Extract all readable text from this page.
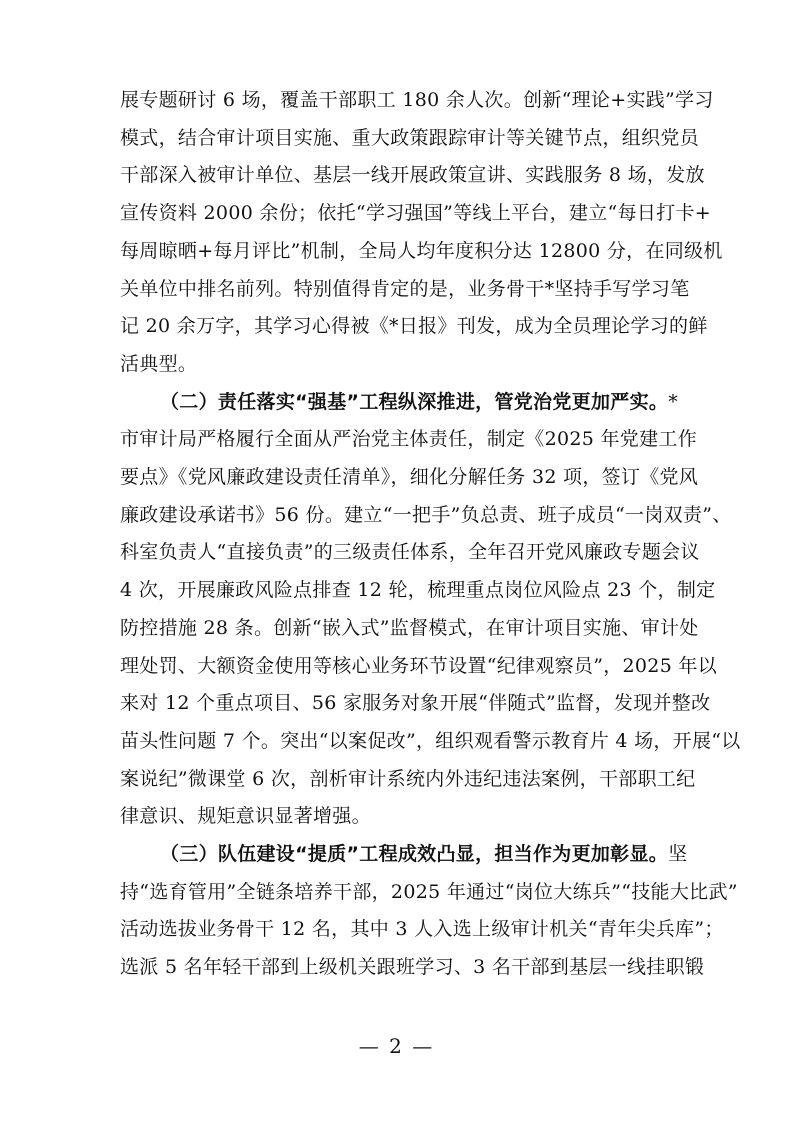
展专题研讨 6 场，覆盖干部职工 180 余人次。创新“理论+实践”学习
模式，结合审计项目实施、重大政策跟踪审计等关键节点，组织党员
干部深入被审计单位、基层一线开展政策宣讲、实践服务 8 场，发放
宣传资料 2000 余份；依托“学习强国”等线上平台，建立“每日打卡+
每周晾晒+每月评比”机制，全局人均年度积分达 12800 分，在同级机
关单位中排名前列。特别值得肯定的是，业务骨干*坚持手写学习笔
记 20 余万字，其学习心得被《*日报》刊发，成为全员理论学习的鲜
活典型。

（二）责任落实“强基”工程纵深推进，管党治党更加严实。*
市审计局严格履行全面从严治党主体责任，制定《2025 年党建工作
要点》《党风廉政建设责任清单》，细化分解任务 32 项，签订《党风
廉政建设承诺书》56 份。建立“一把手”负总责、班子成员“一岗双责”、
科室负责人“直接负责”的三级责任体系，全年召开党风廉政专题会议
4 次，开展廉政风险点排查 12 轮，梳理重点岗位风险点 23 个，制定
防控措施 28 条。创新“嵌入式”监督模式，在审计项目实施、审计处
理处罚、大额资金使用等核心业务环节设置“纪律观察员”，2025 年以
来对 12 个重点项目、56 家服务对象开展“伴随式”监督，发现并整改
苗头性问题 7 个。突出“以案促改”，组织观看警示教育片 4 场，开展“以
案说纪”微课堂 6 次，剖析审计系统内外违纪违法案例，干部职工纪
律意识、规矩意识显著增强。

（三）队伍建设“提质”工程成效凸显，担当作为更加彰显。坚
持“选育管用”全链条培养干部，2025 年通过“岗位大练兵”“技能大比武”
活动选拔业务骨干 12 名，其中 3 人入选上级审计机关“青年尖兵库”；
选派 5 名年轻干部到上级机关跟班学习、3 名干部到基层一线挂职锻

— 2 —
